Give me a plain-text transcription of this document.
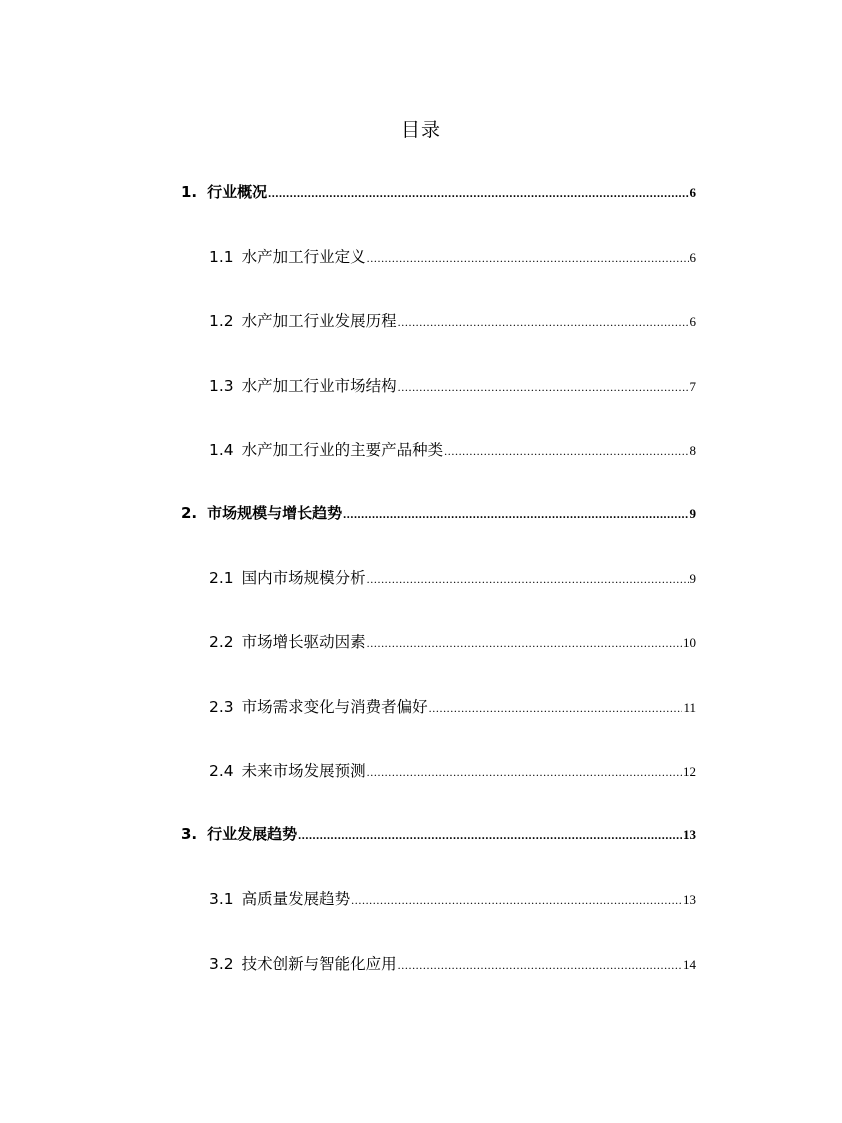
目录
1. 行业概况 .....	6
1.1 水产加工行业定义 .....	6
1.2 水产加工行业发展历程 .....	6
1.3 水产加工行业市场结构 .....	7
1.4 水产加工行业的主要产品种类 .....	8
2. 市场规模与增长趋势 .....	9
2.1 国内市场规模分析 .....	9
2.2 市场增长驱动因素 .....	10
2.3 市场需求变化与消费者偏好 .....	11
2.4 未来市场发展预测 .....	12
3. 行业发展趋势 .....	13
3.1 高质量发展趋势 .....	13
3.2 技术创新与智能化应用 .....	14
